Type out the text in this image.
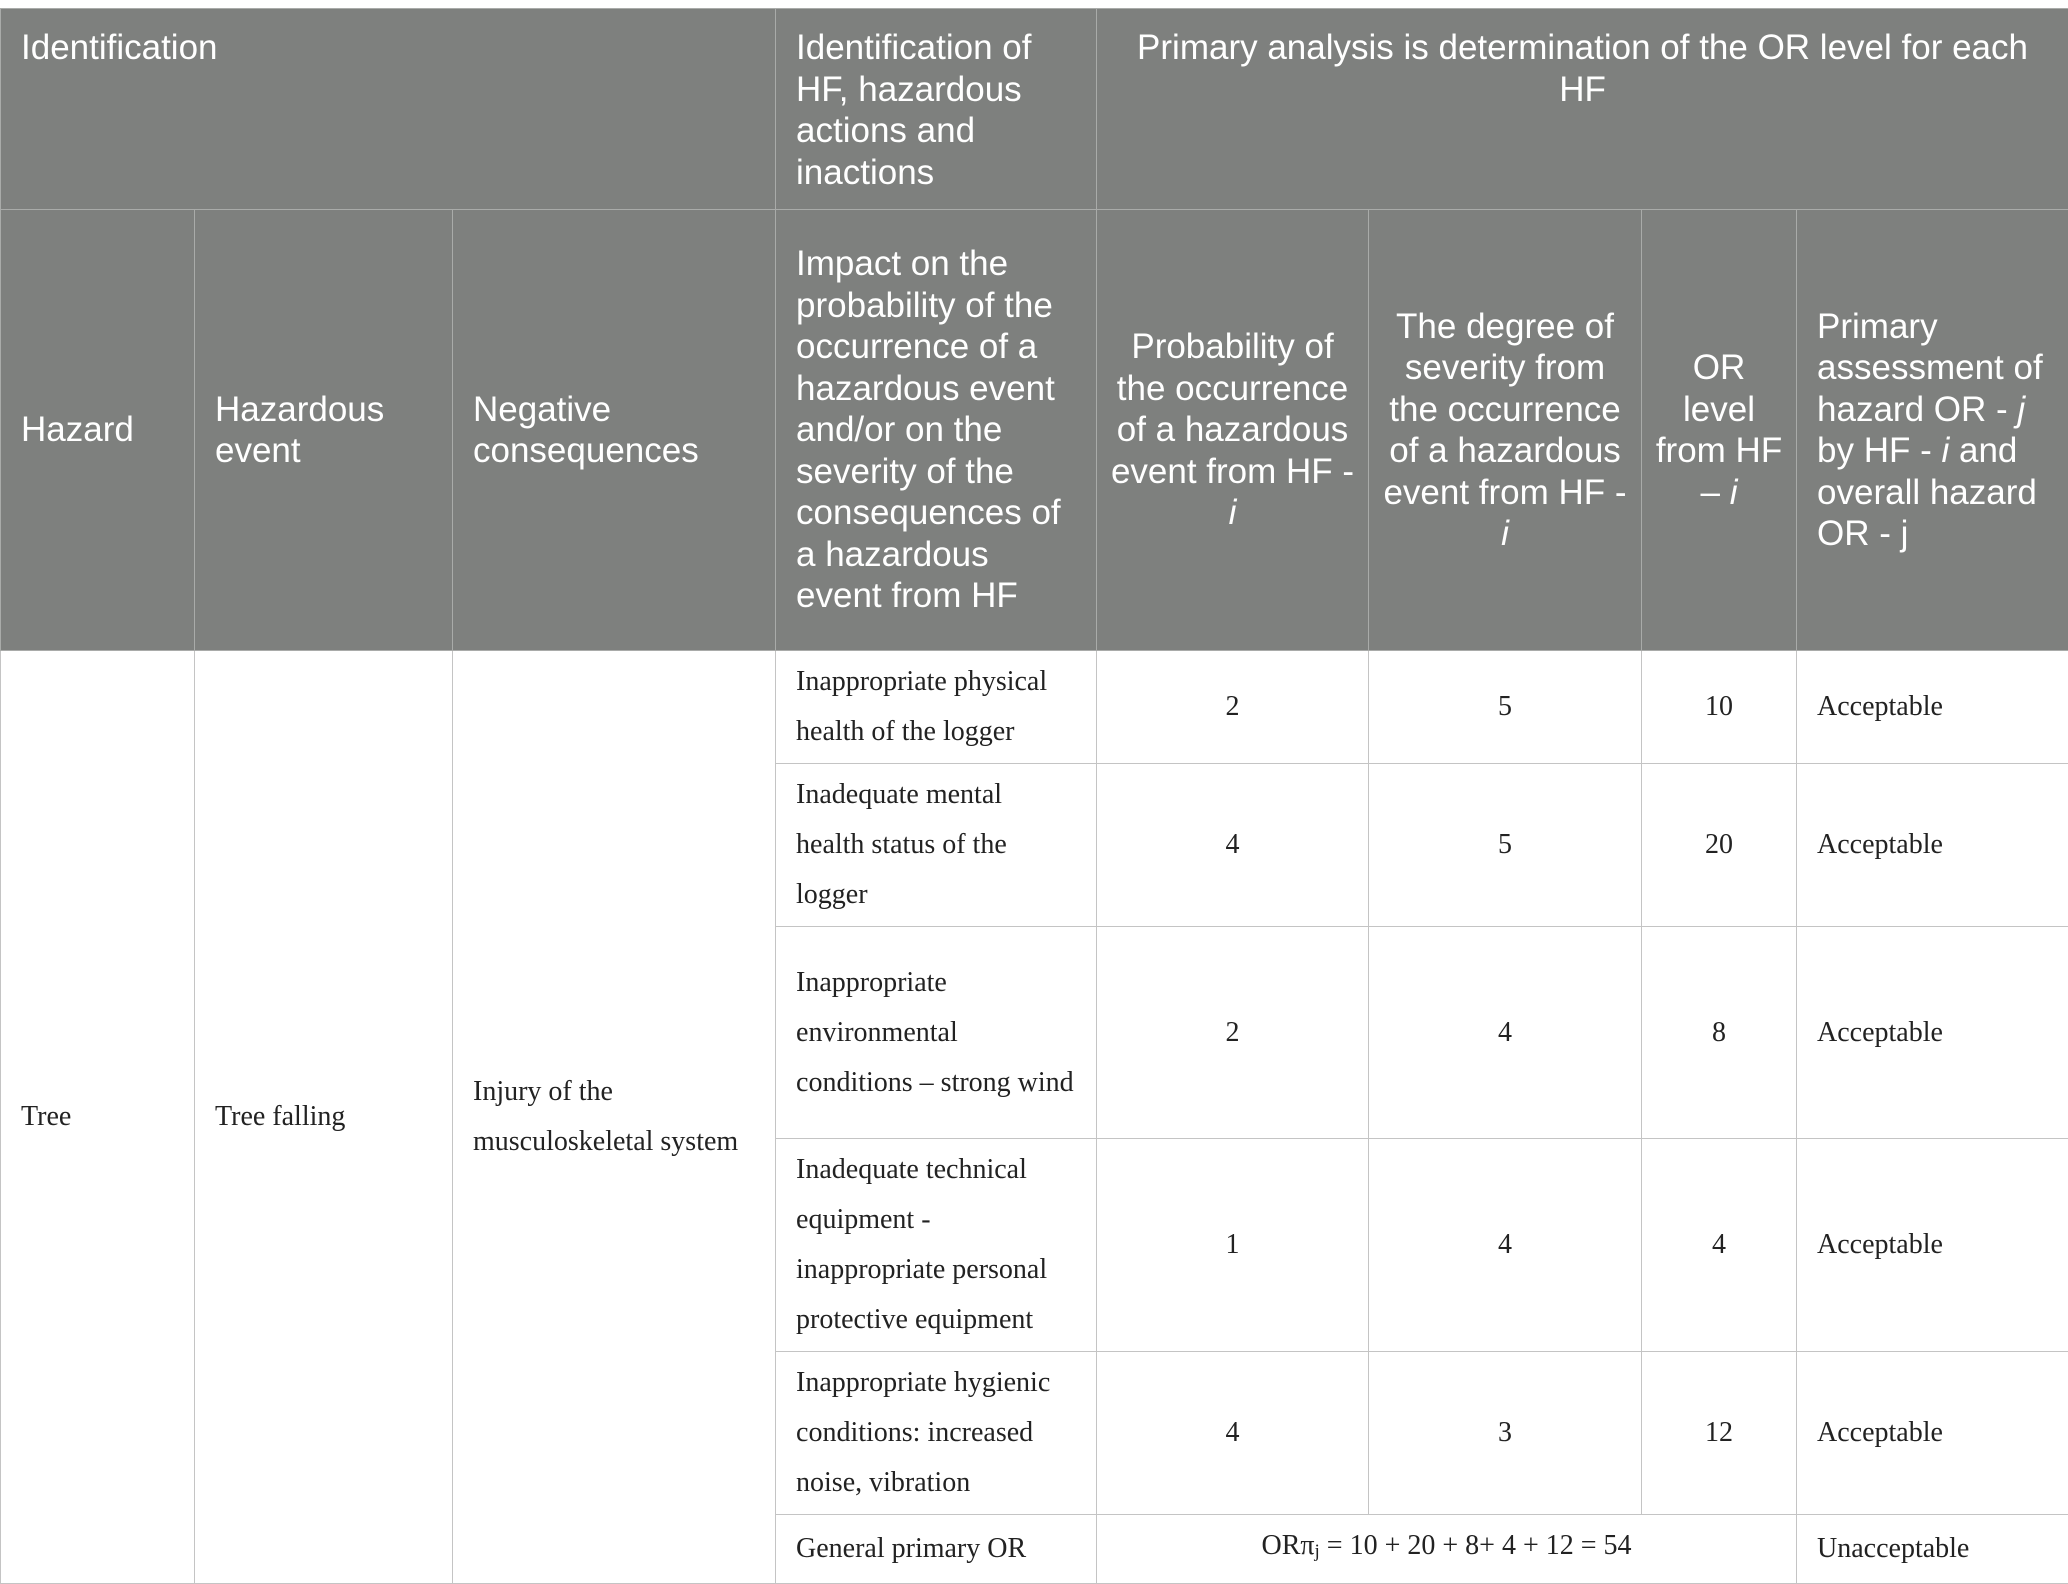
Identification			Identification of HF, hazardous actions and inactions	Primary analysis is determination of the OR level for each HF			
Hazard	Hazardous event	Negative consequences	Impact on the probability of the occurrence of a hazardous event and/or on the severity of the consequences of a hazardous event from HF	Probability of the occurrence of a hazardous event from HF - i	The degree of severity from the occurrence of a hazardous event from HF - i	OR level from HF – i	Primary assessment of hazard OR - j by HF - i and overall hazard OR - j
Tree	Tree falling	Injury of the musculoskeletal system	Inappropriate physical health of the logger	2	5	10	Acceptable
			Inadequate mental health status of the logger	4	5	20	Acceptable
			Inappropriate environmental conditions – strong wind	2	4	8	Acceptable
			Inadequate technical equipment - inappropriate personal protective equipment	1	4	4	Acceptable
			Inappropriate hygienic conditions: increased noise, vibration	4	3	12	Acceptable
			General primary OR	ORπ$_j$ = 10 + 20 + 8+ 4 + 12 = 54			Unacceptable
